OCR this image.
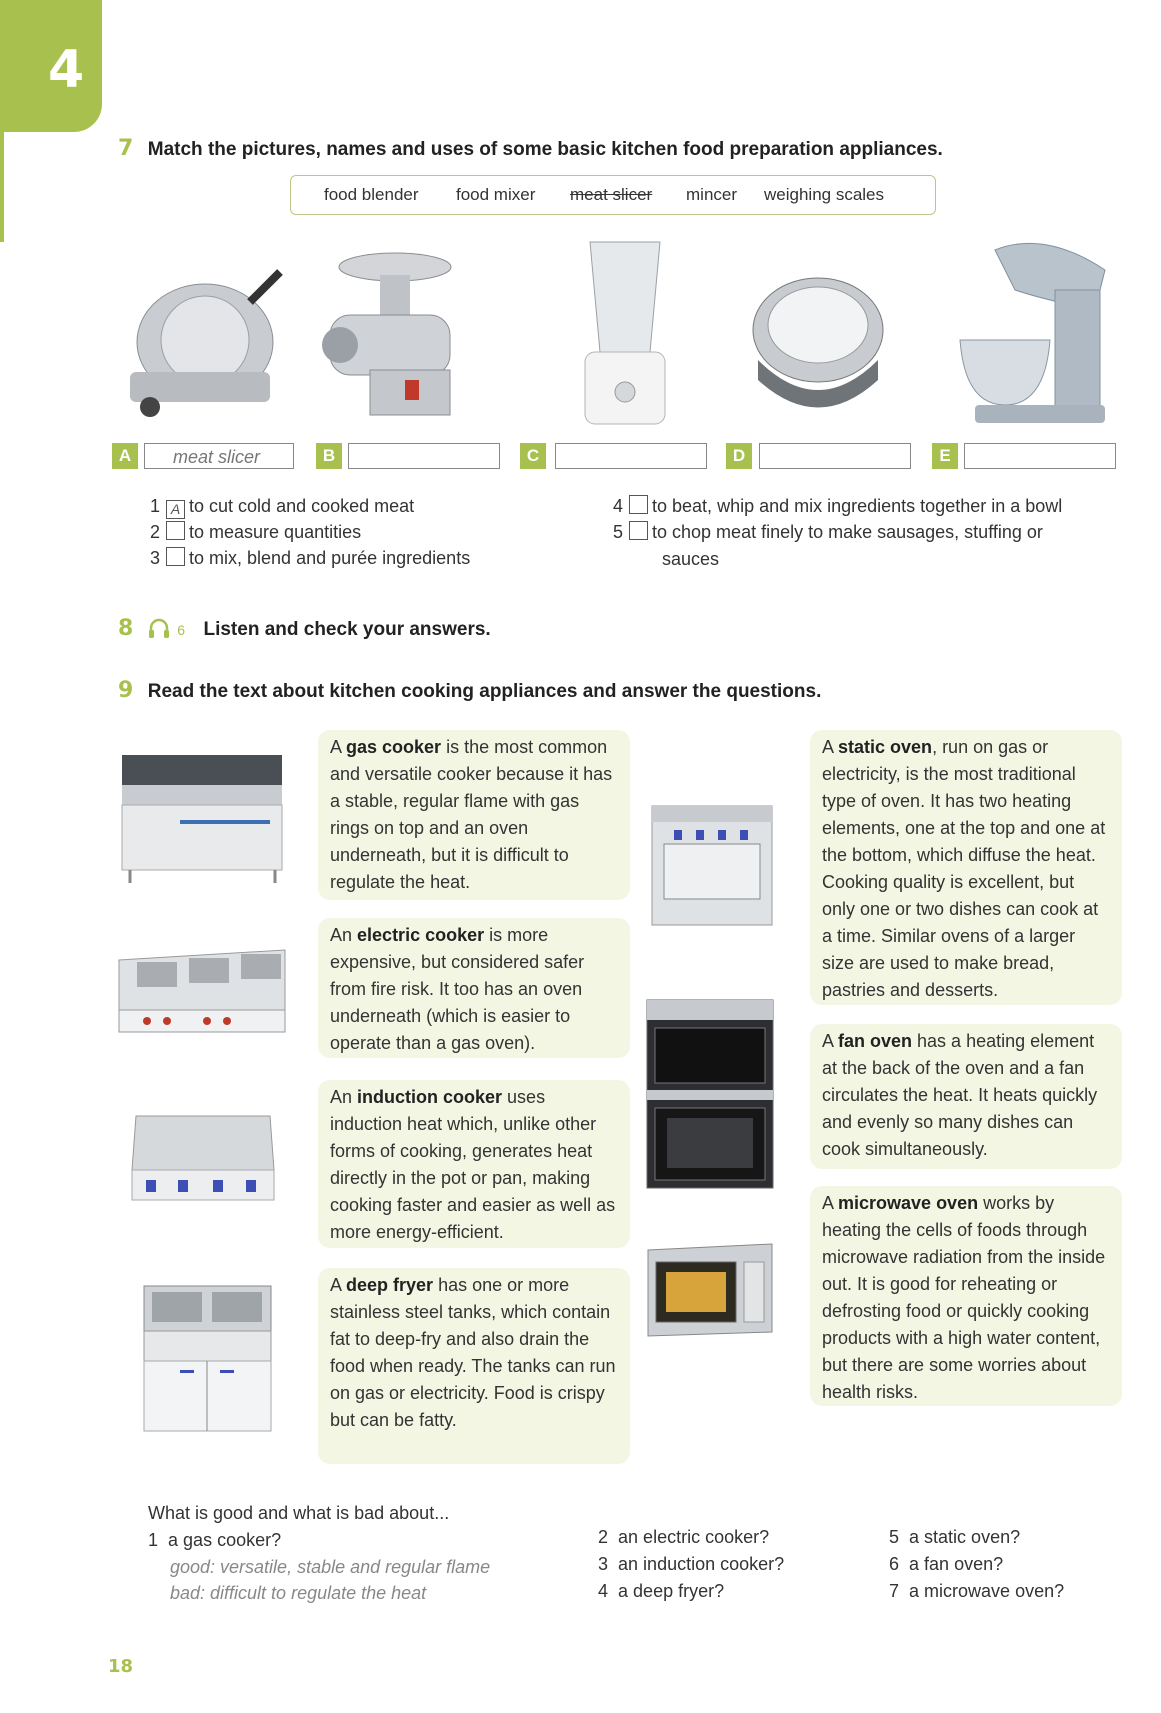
4
7 Match the pictures, names and uses of some basic kitchen food preparation appliances.
food blender food mixer meat slicer mincer weighing scales
A	meat slicer	B	C	D	E
1 A to cut cold and cooked meat
2 to measure quantities
3 to mix, blend and purée ingredients
4 to beat, whip and mix ingredients together in a bowl
5 to chop meat finely to make sausages, stuffing or
sauces
8	6 Listen and check your answers.
9 Read the text about kitchen cooking appliances and answer the questions.
A gas cooker is the most common and versatile cooker because it has a stable, regular flame with gas rings on top and an oven underneath, but it is difficult to regulate the heat.
An electric cooker is more expensive, but considered safer from fire risk. It too has an oven underneath (which is easier to operate than a gas oven).
An induction cooker uses induction heat which, unlike other forms of cooking, generates heat directly in the pot or pan, making cooking faster and easier as well as more energy-efficient.
A deep fryer has one or more stainless steel tanks, which contain fat to deep-fry and also drain the food when ready. The tanks can run on gas or electricity. Food is crispy but can be fatty.
A static oven, run on gas or electricity, is the most traditional type of oven. It has two heating elements, one at the top and one at the bottom, which diffuse the heat. Cooking quality is excellent, but only one or two dishes can cook at a time. Similar ovens of a larger size are used to make bread, pastries and desserts.
A fan oven has a heating element at the back of the oven and a fan circulates the heat. It heats quickly and evenly so many dishes can cook simultaneously.
A microwave oven works by heating the cells of foods through microwave radiation from the inside out. It is good for reheating or defrosting food or quickly cooking products with a high water content, but there are some worries about health risks.
What is good and what is bad about...
1 a gas cooker?
good: versatile, stable and regular flame
bad: difficult to regulate the heat
2 an electric cooker?
3 an induction cooker?
4 a deep fryer?
5 a static oven?
6 a fan oven?
7 a microwave oven?
18
